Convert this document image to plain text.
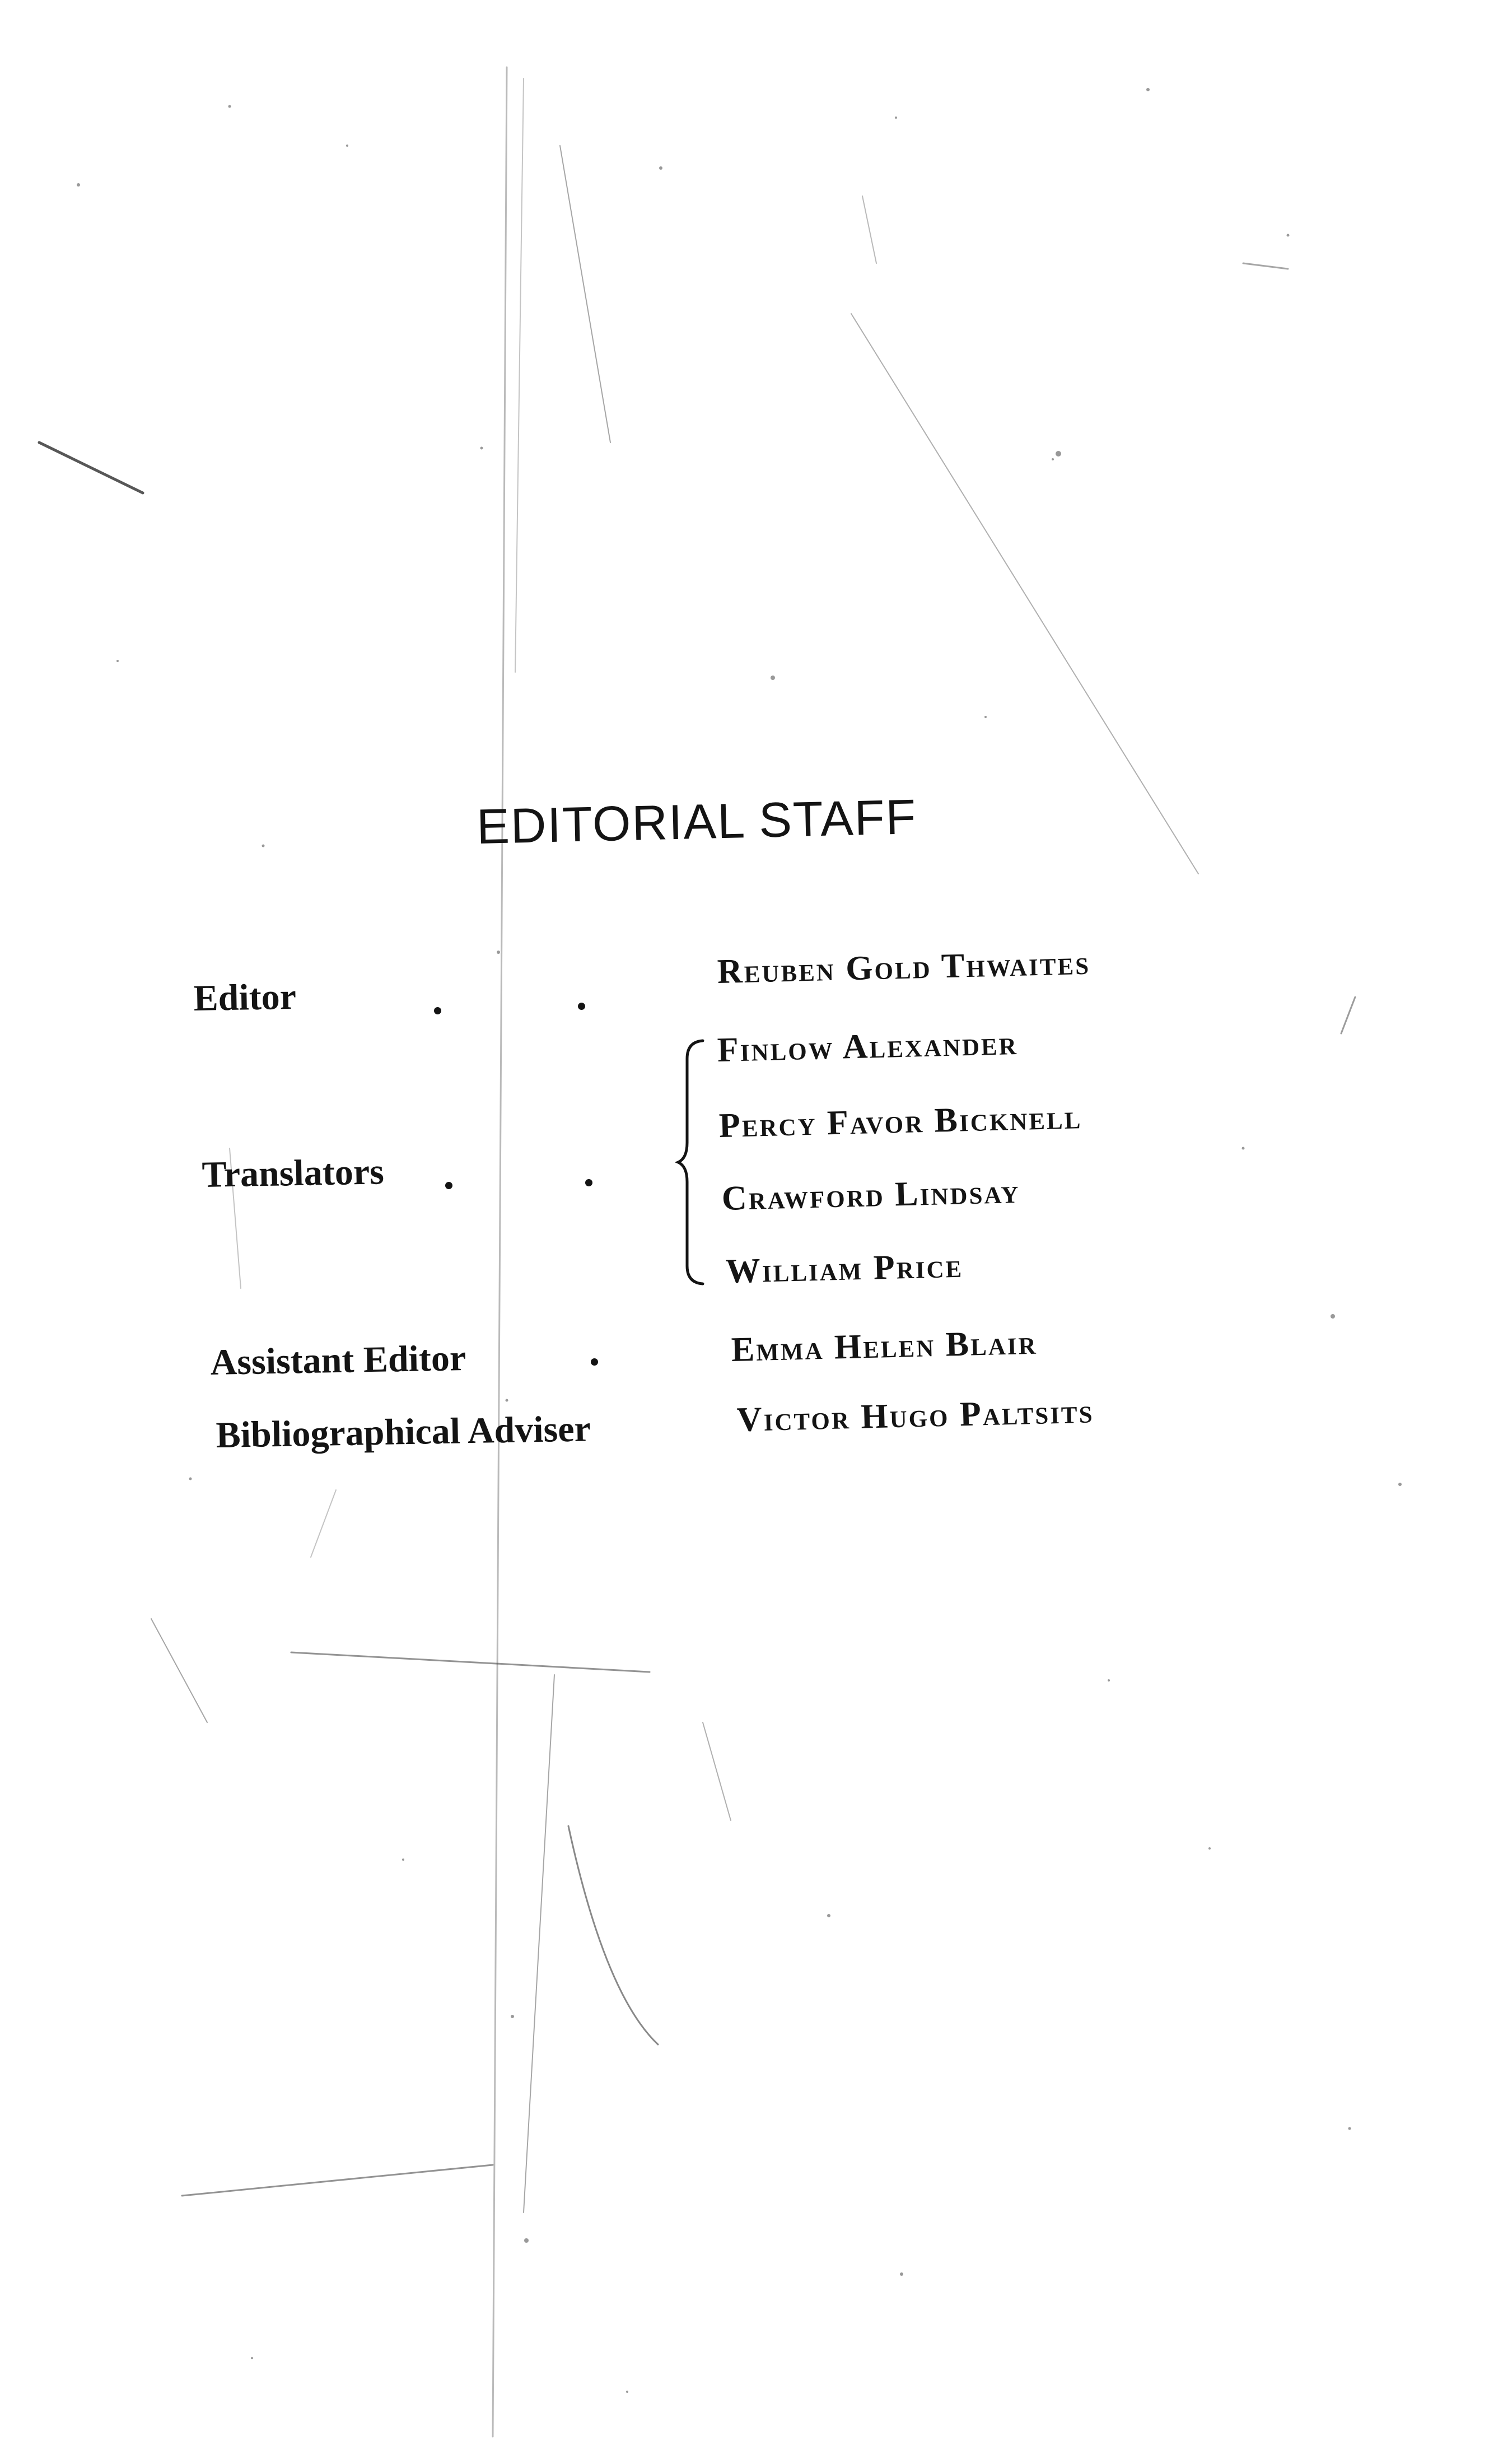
EDITORIAL STAFF
Editor
Translators
Assistant Editor
Bibliographical Adviser
Reuben Gold Thwaites
Finlow Alexander
Percy Favor Bicknell
Crawford Lindsay
William Price
Emma Helen Blair
Victor Hugo Paltsits
